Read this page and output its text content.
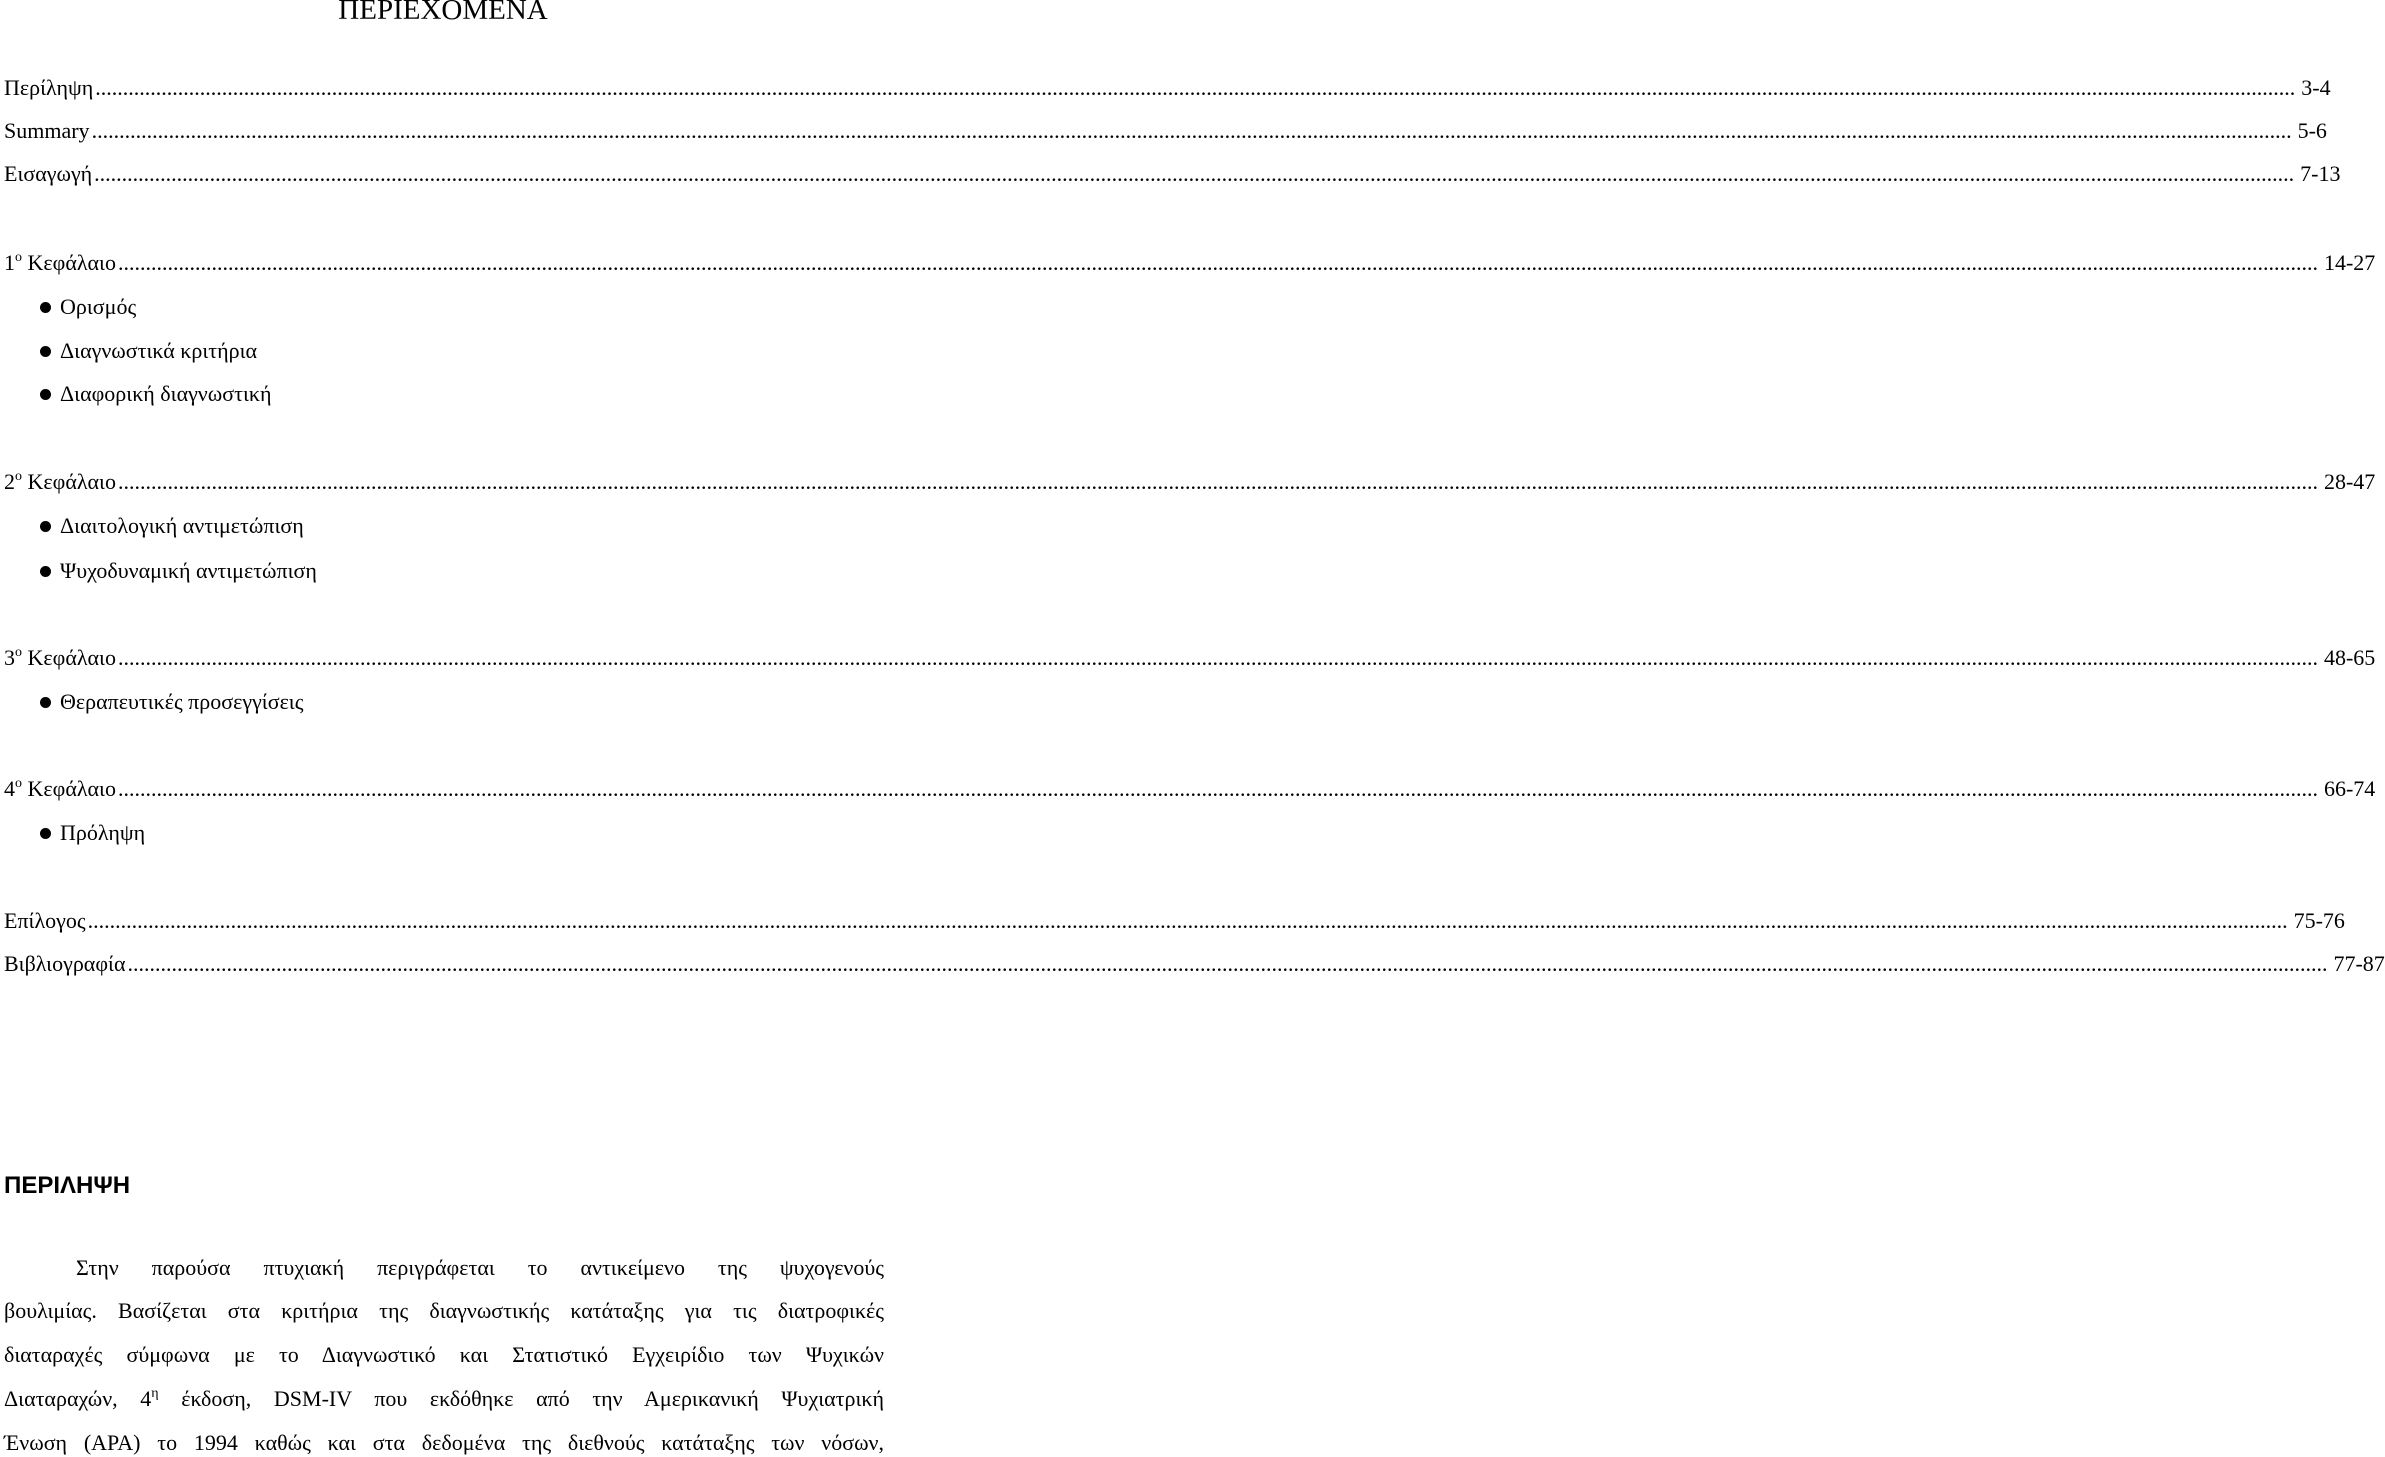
ΠΕΡΙΕΧΟΜΕΝΑ
Περίληψη ................................................................................................................................................................................................................................................................................................................................................................................................................ 3-4
Summary ................................................................................................................................................................................................................................................................................................................................................................................................................ 5-6
Εισαγωγή ................................................................................................................................................................................................................................................................................................................................................................................................................ 7-13
$1^o$ Κεφάλαιο ................................................................................................................................................................................................................................................................................................................................................................................................................ 14-27
Ορισμός
Διαγνωστικά κριτήρια
Διαφορική διαγνωστική
$2^o$ Κεφάλαιο ................................................................................................................................................................................................................................................................................................................................................................................................................ 28-47
Διαιτολογική αντιμετώπιση
Ψυχοδυναμική αντιμετώπιση
$3^o$ Κεφάλαιο ................................................................................................................................................................................................................................................................................................................................................................................................................ 48-65
Θεραπευτικές προσεγγίσεις
$4^o$ Κεφάλαιο ................................................................................................................................................................................................................................................................................................................................................................................................................ 66-74
Πρόληψη
Επίλογος ................................................................................................................................................................................................................................................................................................................................................................................................................ 75-76
Βιβλιογραφία ................................................................................................................................................................................................................................................................................................................................................................................................................ 77-87
ΠΕΡΙΛΗΨΗ
Στην παρούσα πτυχιακή περιγράφεται το αντικείμενο της ψυχογενούς
βουλιμίας. Βασίζεται στα κριτήρια της διαγνωστικής κατάταξης για τις διατροφικές
διαταραχές σύμφωνα με το Διαγνωστικό και Στατιστικό Εγχειρίδιο των Ψυχικών
Διαταραχών, $4^\eta$ έκδοση, DSM-IV που εκδόθηκε από την Αμερικανική Ψυχιατρική
Ένωση (APA) το 1994 καθώς και στα δεδομένα της διεθνούς κατάταξης των νόσων,
